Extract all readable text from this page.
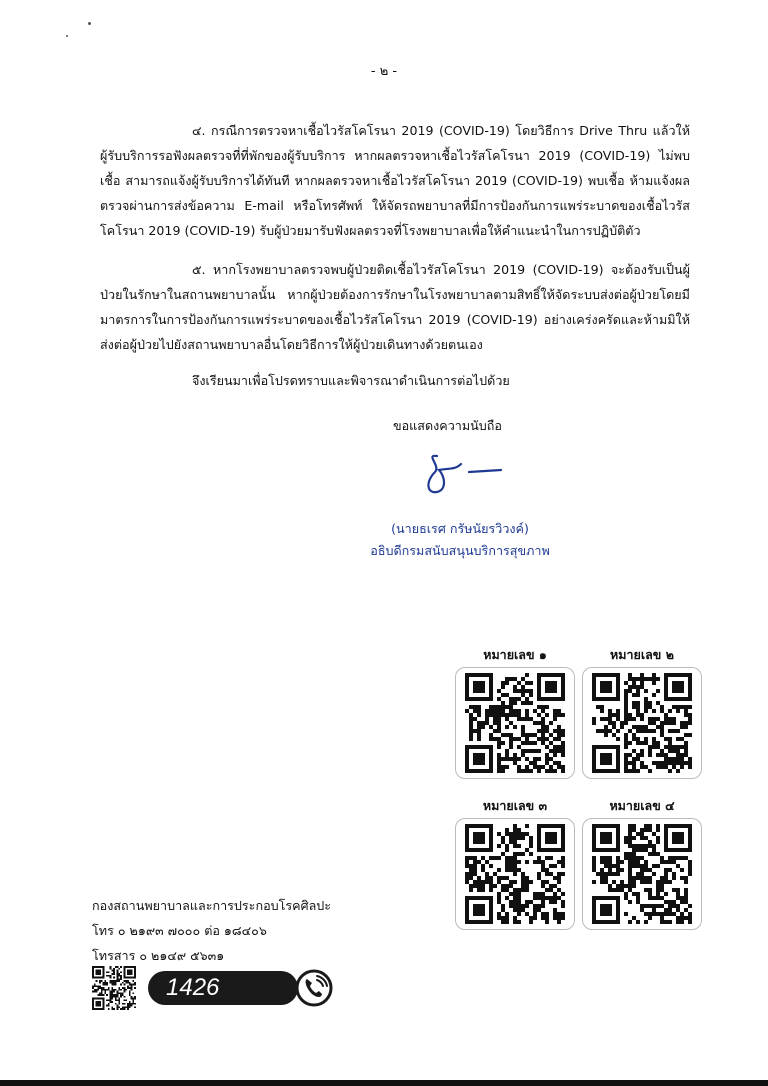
- ๒ -

๔. กรณีการตรวจหาเชื้อไวรัสโคโรนา 2019 (COVID-19) โดยวิธีการ Drive Thru แล้วให้ผู้รับบริการรอฟังผลตรวจที่ที่พักของผู้รับบริการ หากผลตรวจหาเชื้อไวรัสโคโรนา 2019 (COVID-19) ไม่พบเชื้อ สามารถแจ้งผู้รับบริการได้ทันที หากผลตรวจหาเชื้อไวรัสโคโรนา 2019 (COVID-19) พบเชื้อ ห้ามแจ้งผลตรวจผ่านการส่งข้อความ E-mail หรือโทรศัพท์ ให้จัดรถพยาบาลที่มีการป้องกันการแพร่ระบาดของเชื้อไวรัสโคโรนา 2019 (COVID-19) รับผู้ป่วยมารับฟังผลตรวจที่โรงพยาบาลเพื่อให้คำแนะนำในการปฏิบัติตัว

๕. หากโรงพยาบาลตรวจพบผู้ป่วยติดเชื้อไวรัสโคโรนา 2019 (COVID-19) จะต้องรับเป็นผู้ป่วยในรักษาในสถานพยาบาลนั้น หากผู้ป่วยต้องการรักษาในโรงพยาบาลตามสิทธิ์ให้จัดระบบส่งต่อผู้ป่วยโดยมีมาตรการในการป้องกันการแพร่ระบาดของเชื้อไวรัสโคโรนา 2019 (COVID-19) อย่างเคร่งครัดและห้ามมิให้ส่งต่อผู้ป่วยไปยังสถานพยาบาลอื่นโดยวิธีการให้ผู้ป่วยเดินทางด้วยตนเอง

จึงเรียนมาเพื่อโปรดทราบและพิจารณาดำเนินการต่อไปด้วย
ขอแสดงความนับถือ
(นายธเรศ กรัษนัยรวิวงค์)
อธิบดีกรมสนับสนุนบริการสุขภาพ
หมายเลข ๑	หมายเลข ๒
หมายเลข ๓	หมายเลข ๔
กองสถานพยาบาลและการประกอบโรคศิลปะ
โทร ๐ ๒๑๙๓ ๗๐๐๐ ต่อ ๑๘๔๐๖
โทรสาร ๐ ๒๑๔๙ ๕๖๓๑
1426
